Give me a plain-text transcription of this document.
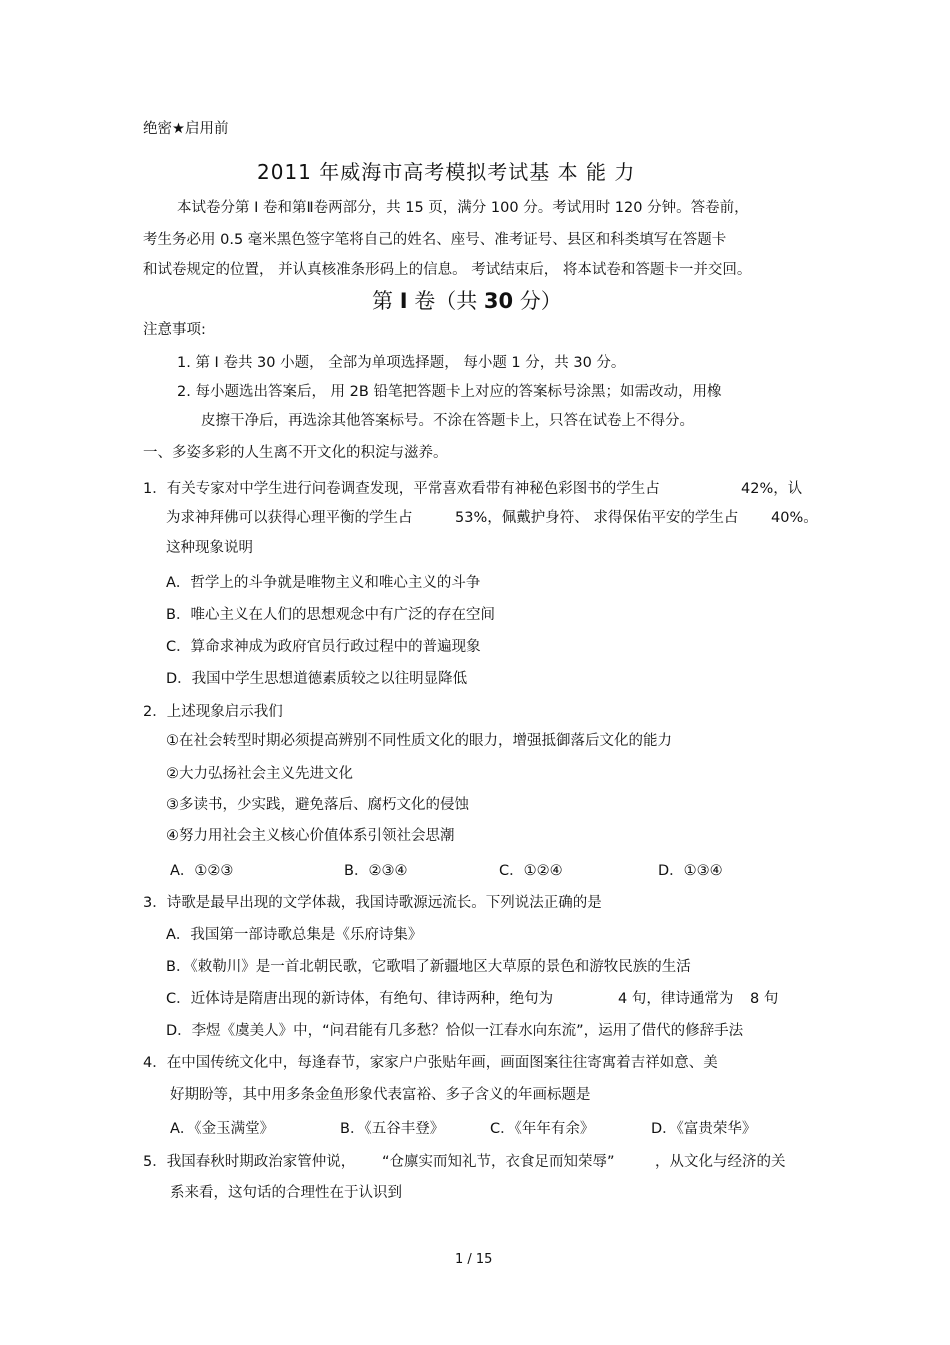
绝密★启用前
2011 年威海市高考模拟考试基 本 能 力
本试卷分第 I 卷和第Ⅱ卷两部分，共 15 页，满分 100 分。考试用时 120 分钟。答卷前，
考生务必用 0.5 毫米黑色签字笔将自己的姓名、座号、准考证号、县区和科类填写在答题卡
和试卷规定的位置， 并认真核准条形码上的信息。 考试结束后， 将本试卷和答题卡一并交回。
第 I 卷（共 30 分）
注意事项:
1. 第 I 卷共 30 小题， 全部为单项选择题， 每小题 1 分，共 30 分。
2. 每小题选出答案后， 用 2B 铅笔把答题卡上对应的答案标号涂黑；如需改动，用橡
皮擦干净后，再选涂其他答案标号。不涂在答题卡上，只答在试卷上不得分。
一、多姿多彩的人生离不开文化的积淀与滋养。
1．有关专家对中学生进行问卷调查发现，平常喜欢看带有神秘色彩图书的学生占	42%，认
为求神拜佛可以获得心理平衡的学生占	53%，佩戴护身符、 求得保佑平安的学生占 40%。
这种现象说明
A．哲学上的斗争就是唯物主义和唯心主义的斗争
B．唯心主义在人们的思想观念中有广泛的存在空间
C．算命求神成为政府官员行政过程中的普遍现象
D．我国中学生思想道德素质较之以往明显降低
2．上述现象启示我们
①在社会转型时期必须提高辨别不同性质文化的眼力，增强抵御落后文化的能力
②大力弘扬社会主义先进文化
③多读书，少实践，避免落后、腐朽文化的侵蚀
④努力用社会主义核心价值体系引领社会思潮
A．①②③	B．②③④	C．①②④	D．①③④
3．诗歌是最早出现的文学体裁，我国诗歌源远流长。下列说法正确的是
A．我国第一部诗歌总集是《乐府诗集》
B．《敕勒川》是一首北朝民歌，它歌唱了新疆地区大草原的景色和游牧民族的生活
C．近体诗是隋唐出现的新诗体，有绝句、律诗两种，绝句为	4 句，律诗通常为 8 句
D．李煜《虞美人》中，“问君能有几多愁？恰似一江春水向东流”，运用了借代的修辞手法
4．在中国传统文化中，每逢春节，家家户户张贴年画，画面图案往往寄寓着吉祥如意、美
好期盼等，其中用多条金鱼形象代表富裕、多子含义的年画标题是
A．《金玉满堂》	B．《五谷丰登》	C．《年年有余》	D．《富贵荣华》
5．我国春秋时期政治家管仲说， “仓廪实而知礼节，衣食足而知荣辱”	，从文化与经济的关
系来看，这句话的合理性在于认识到
1 / 15
